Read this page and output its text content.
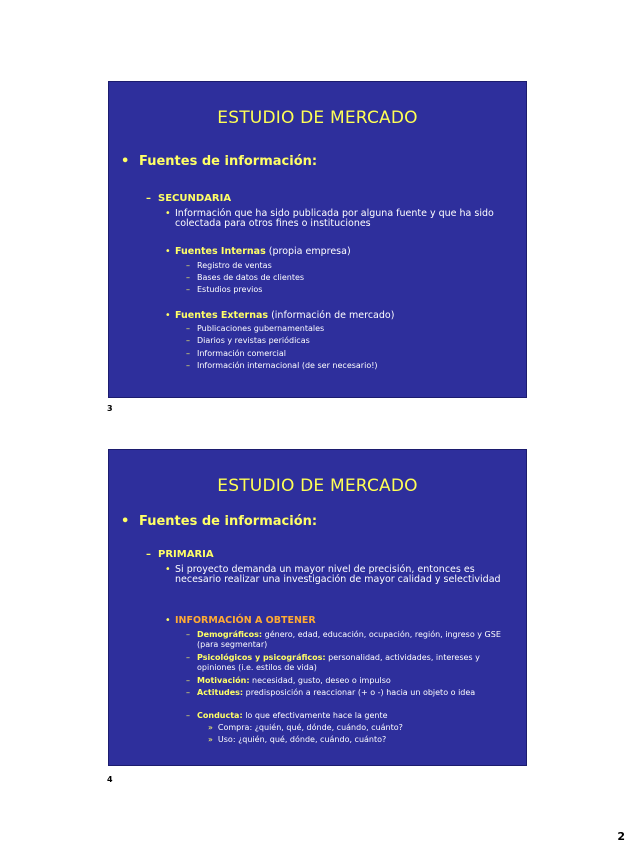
ESTUDIO DE MERCADO
• Fuentes de información:
– SECUNDARIA
• Información que ha sido publicada por alguna fuente y que ha sido colectada para otros fines o instituciones
• Fuentes Internas (propia empresa)
– Registro de ventas
– Bases de datos de clientes
– Estudios previos
• Fuentes Externas (información de mercado)
– Publicaciones gubernamentales
– Diarios y revistas periódicas
– Información comercial
– Información internacional (de ser necesario!)
3
ESTUDIO DE MERCADO
• Fuentes de información:
– PRIMARIA
• Si proyecto demanda un mayor nivel de precisión, entonces es necesario realizar una investigación de mayor calidad y selectividad
• INFORMACIÓN A OBTENER
– Demográficos: género, edad, educación, ocupación, región, ingreso y GSE (para segmentar)
– Psicológicos y psicográficos: personalidad, actividades, intereses y opiniones (i.e. estilos de vida)
– Motivación: necesidad, gusto, deseo o impulso
– Actitudes: predisposición a reaccionar (+ o -) hacia un objeto o idea
– Conducta: lo que efectivamente hace la gente
» Compra: ¿quién, qué, dónde, cuándo, cuánto?
» Uso: ¿quién, qué, dónde, cuándo, cuánto?
4
2
